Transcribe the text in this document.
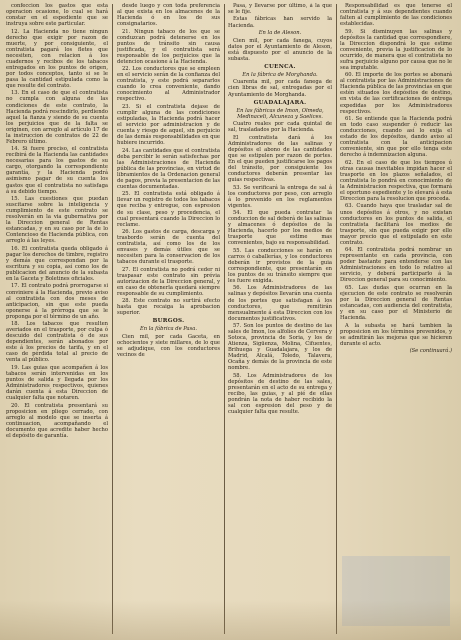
confeccion los gastos que esta operacion ocasione, lo cual se hará constar en el espediente que se instruya sobre este particular.

12. La Hacienda no tiene ningun derecho que exigir por razon de muerte, y por consiguiente, el contratista pagará los fletes que necesiten, con relacion á los cuadernos y recibos de los tabacos entregados en los puntos de origen, por todos conceptos, tanto si se le pasa la cantidad estipulada como la que resulte del contrato.

13. En el caso de que el contratista no cumpla con alguna de las condiciones de este contrato, la Hacienda podrá rescindirlo, perdiendo aquel la fianza y siendo de su cuenta los perjuicios que de la falta se originen, con arreglo al artículo 17 de la instruccion de contratos de 22 de Febrero último.

14. Si fuere preciso, el contratista recibirá de la Hacienda las cantidades necesarias para los gastos de su cargo, otorgando la correspondiente garantía, y la Hacienda podrá asimismo pagar de su cuenta los gastos que el contratista no satisfaga á su debido tiempo.

15. Las cuestiones que puedan suscitarse sobre la inteligencia y cumplimiento de este contrato se resolverán en la via gubernativa por la Direccion general de Rentas estancadas, y en su caso por la de lo Contencioso de Hacienda pública, con arreglo á las leyes.

16. El contratista queda obligado á pagar los derechos de timbre, registro y demás que correspondan por la escritura y su copia, así como los de publicacion del anuncio de la subasta en la Gaceta y Boletines oficiales.

17. El contrato podrá prorrogarse si conviniere á la Hacienda, previo aviso al contratista con dos meses de anticipacion, sin que este pueda oponerse á la prórroga que se le proponga por el término de un año.

18. Los tabacos que resulten averiados en el trasporte, por culpa ó descuido del contratista ó de sus dependientes, serán abonados por este á los precios de tarifa, y en el caso de pérdida total al precio de venta al público.

19. Las guias que acompañen á los tabacos serán intervenidas en los puntos de salida y llegada por los Administradores respectivos, quienes darán cuenta á esta Direccion de cualquier falta que notaren.

20. El contratista presentará su proposicion en pliego cerrado, con arreglo al modelo que se inserta á continuacion, acompañando el documento que acredite haber hecho el depósito de garantía.

desde luego y con toda preferencia al que exista en los almacenes de la Hacienda ó en los de sus consignatarios.

21. Ningun tabaco de los que se conduzcan podrá detenerse en los puntos de tránsito sin causa justificada, y el contratista será responsable de los perjuicios que la detencion ocasione á la Hacienda.

22. Los conductores que se empleen en el servicio serán de la confianza del contratista, y este podrá separarlos cuando lo crea conveniente, dando conocimiento al Administrador respectivo.

23. Si el contratista dejase de cumplir alguna de las condiciones estipuladas, la Hacienda podrá hacer el servicio por administracion y de cuenta y riesgo de aquel, sin perjuicio de las demás responsabilidades en que hubiere incurrido.

24. Las cantidades que el contratista deba percibir le serán satisfechas por las Administraciones de Hacienda pública de las provincias, en virtud de libramientos de la Ordenacion general de pagos, previa la presentacion de las cuentas documentadas.

25. El contratista está obligado á llevar un registro de todos los tabacos que reciba y entregue, con espresion de su clase, peso y procedencia, el cual presentará cuando la Direccion lo reclame.

26. Los gastos de carga, descarga y trasbordo serán de cuenta del contratista, así como los de los envases y demás útiles que se necesiten para la conservacion de los tabacos durante el trasporte.

27. El contratista no podrá ceder ni traspasar este contrato sin prévia autorizacion de la Direccion general, y en caso de obtenerla quedará siempre responsable de su cumplimiento.

28. Este contrato no surtirá efecto hasta que recaiga la aprobacion superior.

BURGOS.

En la fábrica de Pasa.

Cien mil, por cada Gaceta, en ochocientos y siete millares, de lo que se adjudique, con los conductores vecinos de

Pasa, y llevarse por último, á la que se le fije.

Estas fábricas han servido la Hacienda.

En la de Aleson.

Cien mil, por cada fanega, cuyos datos por el Ayuntamiento de Aleson, está dispuesto por el anuncio de la subasta.

CUENCA.

En la fábrica de Morghanda.

Cuarenta mil, por cada fanega de cien libras de sal, entregadas por el Ayuntamiento de Morghanda.

GUADALAJARA.

En las fábricas de Imon, Olmeda, Medinaceli, Alcuneza y Saelices.

Cuatro reales por cada quintal de sal, trasladados por la Hacienda.

El contratista dará á los Administradores de las salinas y depósitos el abono de las cantidades que se estipulen por razon de portes. En el que pueden justificarse los pagos del tránsito, por consiguiente los conductores deberán presentar las guias respectivas.

53. Se verificará la entrega de sal á los conductores por peso, con arreglo á lo prevenido en los reglamentos vigentes.

54. El que pueda contratar la conduccion de sal deberá de las salinas y almacenes ó depósitos de la Hacienda, hacerlo por los medios de trasporte que estime mas convenientes, bajo su responsabilidad.

55. Las conducciones se harán en carros ó caballerías, y los conductores deberán ir provistos de la guia correspondiente, que presentarán en los puntos de su tránsito siempre que les fuere exigida.

56. Los Administradores de las salinas y depósitos llevarán una cuenta de los portes que satisfagan á los conductores, que remitirán mensualmente á esta Direccion con los documentos justificativos.

57. Son los puntos de destino de las sales de Imon, los alfolíes de Cervera y Sotoca, provincia de Soria, y los de Atienza, Sigüenza, Molina, Cifuentes, Brihuega y Guadalajara, y los de Madrid, Alcalá, Toledo, Talavera, Ocaña y demás de la provincia de este nombre.

58. Los Administradores de los depósitos de destino de las sales, presentarán en el acto de su entrega y recibo, las guias, y al pié de ellas pondrán la nota de haber recibido la sal con espresion del peso y de cualquier falta que resulte.

Responsabilidad es que tenerse el contratista y á sus dependientes cuando falten al cumplimiento de las condiciones establecidas.

59. Si disminuyen las salinas y depósitos la cantidad que correspondiere, la Direccion dispondrá lo que estime conveniente, previa la justificacion de lo ocurrido, de manera que el contratista no sufra perjuicio alguno por causa que no le sea imputable.

60. El importe de los portes se abonará al contratista por las Administraciones de Hacienda pública de las provincias en que estén situados los depósitos de destino, en vista de las certificaciones de entrega expedidas por los Administradores respectivos.

61. Se entiende que la Hacienda podrá en todo caso suspender ó reducir las conducciones, cuando así lo exija el estado de los depósitos, dando aviso al contratista con la anticipacion conveniente, sin que por ello tenga este derecho á indemnizacion alguna.

62. En el caso de que los tiempos ú otras causas inevitables impidan hacer el trasporte en los plazos señalados, el contratista lo pondrá en conocimiento de la Administracion respectiva, que formará el oportuno espediente y lo elevará á esta Direccion para la resolucion que proceda.

63. Cuando haya que trasladar sal de unos depósitos á otros, y no existan conductores en los puntos de salida, el contratista facilitará los medios de trasporte, sin que pueda exigir por ello mayor precio que el estipulado en este contrato.

64. El contratista podrá nombrar un representante en cada provincia, con poder bastante para entenderse con las Administraciones en todo lo relativo al servicio, y deberá participarlo á la Direccion general para su conocimiento.

65. Las dudas que ocurran en la ejecucion de este contrato se resolverán por la Direccion general de Rentas estancadas, con audiencia del contratista, y en su caso por el Ministerio de Hacienda.

A la subasta se hará tambien la proposicion en los términos prevenidos, y se admitirán las mejoras que se hicieren durante el acto.

(Se continuará.)
